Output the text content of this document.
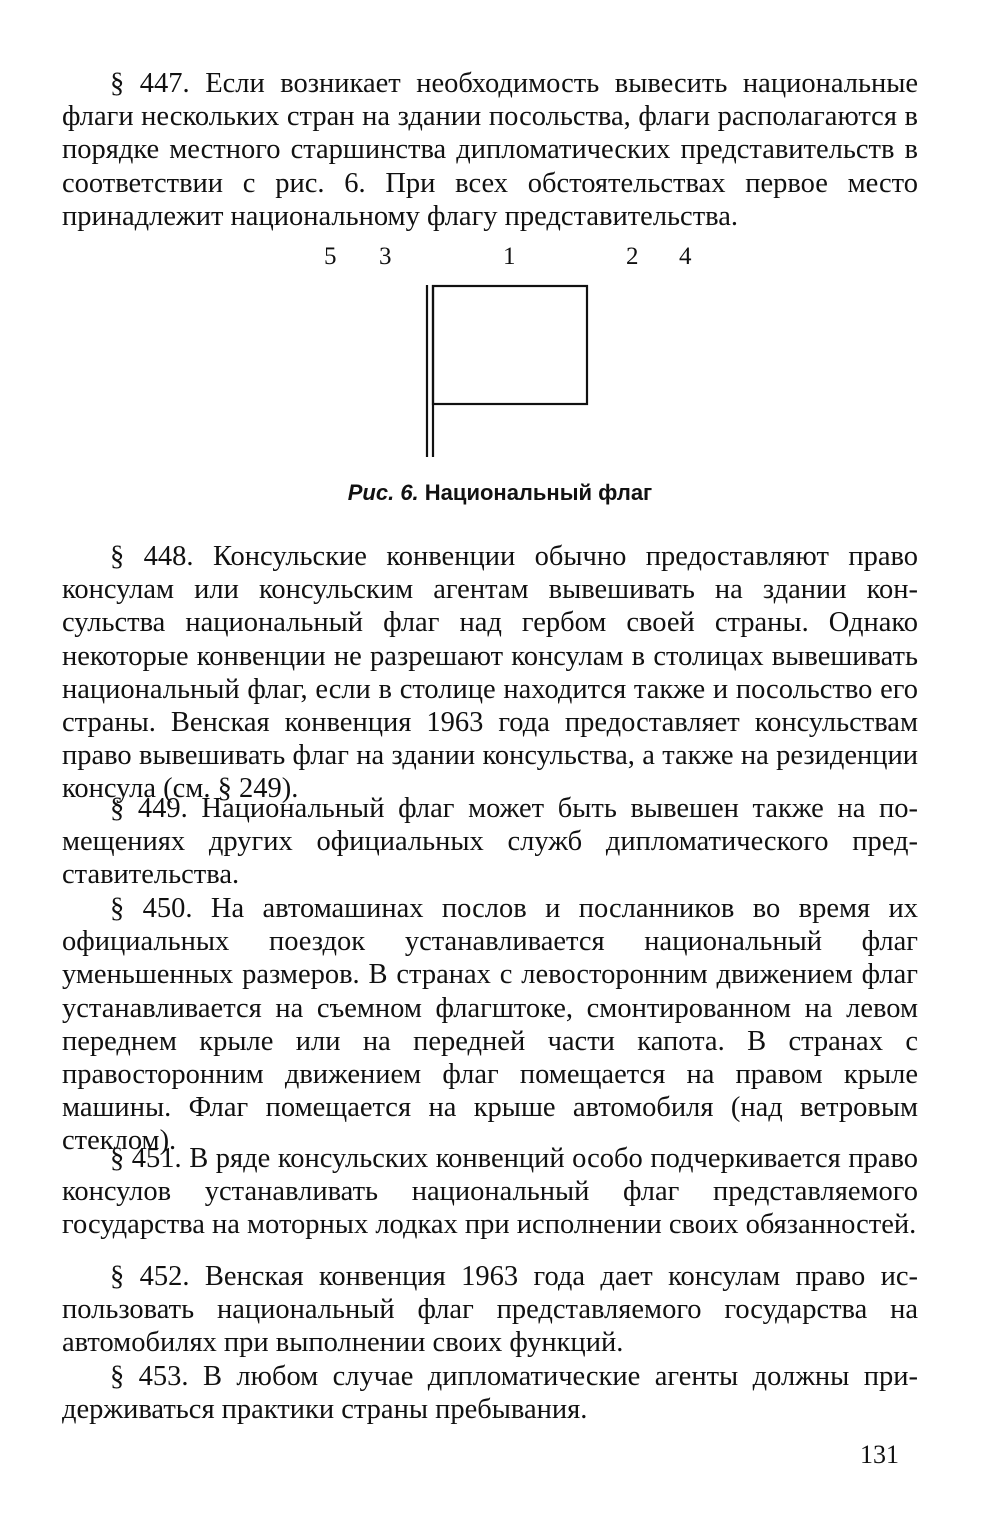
§ 447. Если возникает необходимость вывесить национальные флаги нескольких стран на здании посольства, флаги располагаются в порядке местного старшинства дипломатических представительств в соответствии с рис. 6. При всех обстоятельствах первое место принадлежит национальному флагу представительства.

5 3	1	2 4
Рис. 6. Национальный флаг

§ 448. Консульские конвенции обычно предоставляют право консулам или консульским агентам вывешивать на здании консульства национальный флаг над гербом своей страны. Однако некоторые конвенции не разрешают консулам в столицах вывешивать национальный флаг, если в столице находится также и посольство его страны. Венская конвенция 1963 года предоставляет консульствам право вывешивать флаг на здании консульства, а также на резиденции консула (см. § 249).

§ 449. Национальный флаг может быть вывешен также на помещениях других официальных служб дипломатического представительства.

§ 450. На автомашинах послов и посланников во время их официальных поездок устанавливается национальный флаг уменьшенных размеров. В странах с левосторонним движением флаг устанавливается на съемном флагштоке, смонтированном на левом переднем крыле или на передней части капота. В странах с правосторонним движением флаг помещается на правом крыле машины. Флаг помещается на крыше автомобиля (над ветровым стеклом).

§ 451. В ряде консульских конвенций особо подчеркивается право консулов устанавливать национальный флаг представляемого государства на моторных лодках при исполнении своих обязанностей.

§ 452. Венская конвенция 1963 года дает консулам право использовать национальный флаг представляемого государства на автомобилях при выполнении своих функций.

§ 453. В любом случае дипломатические агенты должны придерживаться практики страны пребывания.

131
